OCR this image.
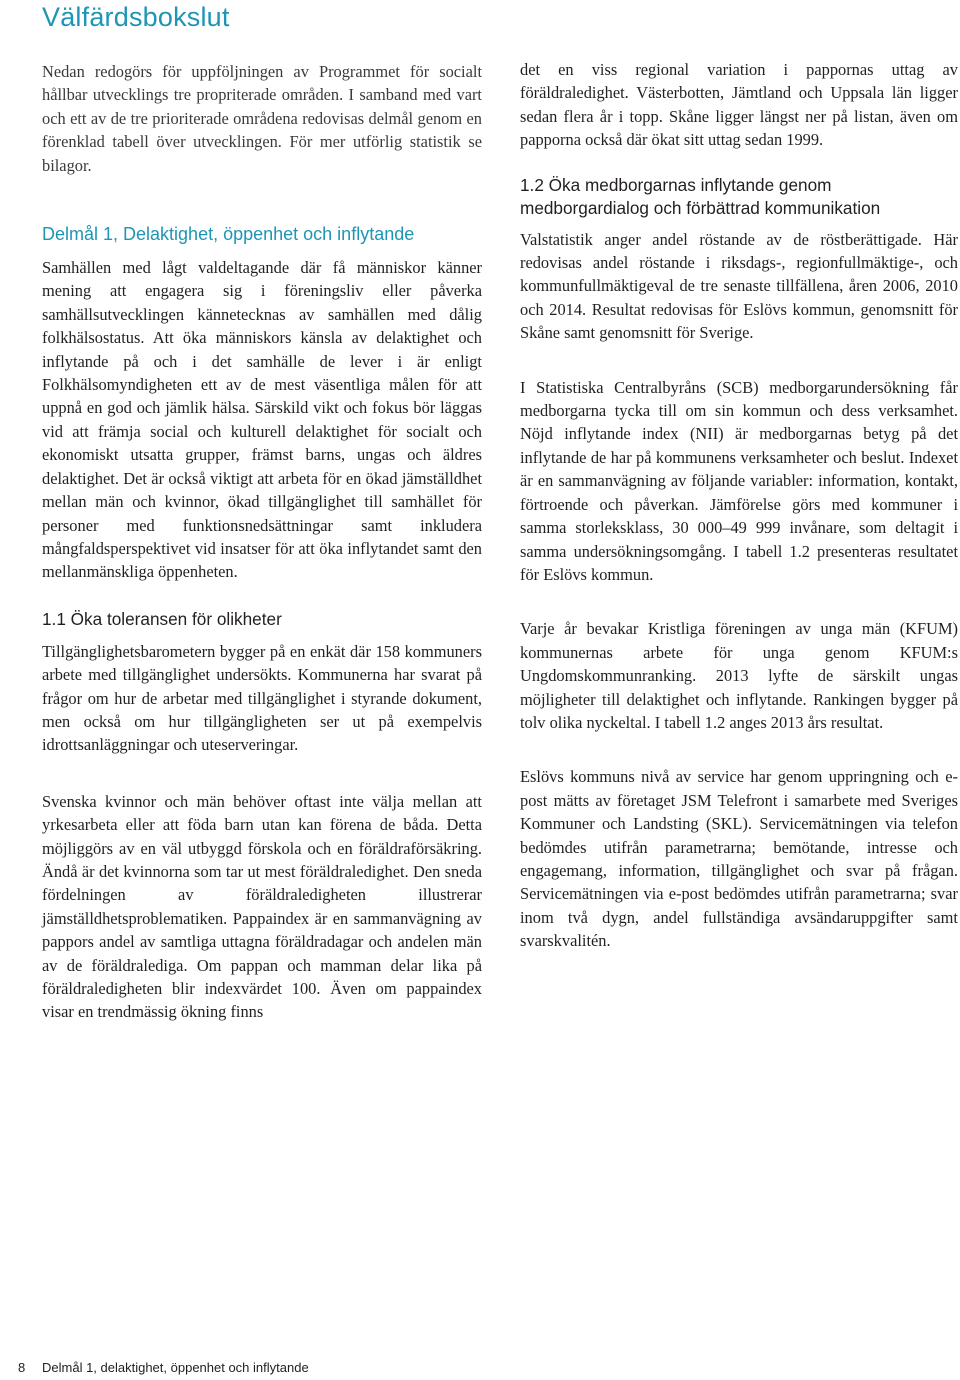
Välfärdsbokslut

Nedan redogörs för uppföljningen av Programmet för socialt hållbar utvecklings tre propriterade områden. I samband med vart och ett av de tre prioriterade områdena redovisas delmål genom en förenklad tabell över utvecklingen. För mer utförlig statistik se bilagor.

Delmål 1, Delaktighet, öppenhet och inflytande

Samhällen med lågt valdeltagande där få människor känner mening att engagera sig i föreningsliv eller påverka samhällsutvecklingen kännetecknas av samhällen med dålig folkhälsostatus. Att öka människors känsla av delaktighet och inflytande på och i det samhälle de lever i är enligt Folkhälsomyndigheten ett av de mest väsentliga målen för att uppnå en god och jämlik hälsa. Särskild vikt och fokus bör läggas vid att främja social och kulturell delaktighet för socialt och ekonomiskt utsatta grupper, främst barns, ungas och äldres delaktighet. Det är också viktigt att arbeta för en ökad jämställdhet mellan män och kvinnor, ökad tillgänglighet till samhället för personer med funktionsnedsättningar samt inkludera mångfaldsperspektivet vid insatser för att öka inflytandet samt den mellanmänskliga öppenheten.

1.1 Öka toleransen för olikheter

Tillgänglighetsbarometern bygger på en enkät där 158 kommuners arbete med tillgänglighet undersökts. Kommunerna har svarat på frågor om hur de arbetar med tillgänglighet i styrande dokument, men också om hur tillgängligheten ser ut på exempelvis idrottsanläggningar och uteserveringar.

Svenska kvinnor och män behöver oftast inte välja mellan att yrkesarbeta eller att föda barn utan kan förena de båda. Detta möjliggörs av en väl utbyggd förskola och en föräldraförsäkring. Ändå är det kvinnorna som tar ut mest föräldraledighet. Den sneda fördelningen av föräldraledigheten illustrerar jämställdhetsproblematiken. Pappaindex är en sammanvägning av pappors andel av samtliga uttagna föräldradagar och andelen män av de föräldralediga. Om pappan och mamman delar lika på föräldraledigheten blir indexvärdet 100. Även om pappaindex visar en trendmässig ökning finns

det en viss regional variation i pappornas uttag av föräldraledighet. Västerbotten, Jämtland och Uppsala län ligger sedan flera år i topp. Skåne ligger längst ner på listan, även om papporna också där ökat sitt uttag sedan 1999.

1.2 Öka medborgarnas inflytande genom medborgardialog och förbättrad kommunikation

Valstatistik anger andel röstande av de röstberättigade. Här redovisas andel röstande i riksdags-, regionfullmäktige-, och kommunfullmäktigeval de tre senaste tillfällena, åren 2006, 2010 och 2014. Resultat redovisas för Eslövs kommun, genomsnitt för Skåne samt genomsnitt för Sverige.

I Statistiska Centralbyråns (SCB) medborgarundersökning får medborgarna tycka till om sin kommun och dess verksamhet. Nöjd inflytande index (NII) är medborgarnas betyg på det inflytande de har på kommunens verksamheter och beslut. Indexet är en sammanvägning av följande variabler: information, kontakt, förtroende och påverkan. Jämförelse görs med kommuner i samma storleksklass, 30 000–49 999 invånare, som deltagit i samma undersökningsomgång. I tabell 1.2 presenteras resultatet för Eslövs kommun.

Varje år bevakar Kristliga föreningen av unga män (KFUM) kommunernas arbete för unga genom KFUM:s Ungdomskommunranking. 2013 lyfte de särskilt ungas möjligheter till delaktighet och inflytande. Rankingen bygger på tolv olika nyckeltal. I tabell 1.2 anges 2013 års resultat.

Eslövs kommuns nivå av service har genom uppringning och e-post mätts av företaget JSM Telefront i samarbete med Sveriges Kommuner och Landsting (SKL). Servicemätningen via telefon bedömdes utifrån parametrarna; bemötande, intresse och engagemang, information, tillgänglighet och svar på frågan. Servicemätningen via e-post bedömdes utifrån parametrarna; svar inom två dygn, andel fullständiga avsändaruppgifter samt svarskvalitén.

8 Delmål 1, delaktighet, öppenhet och inflytande
